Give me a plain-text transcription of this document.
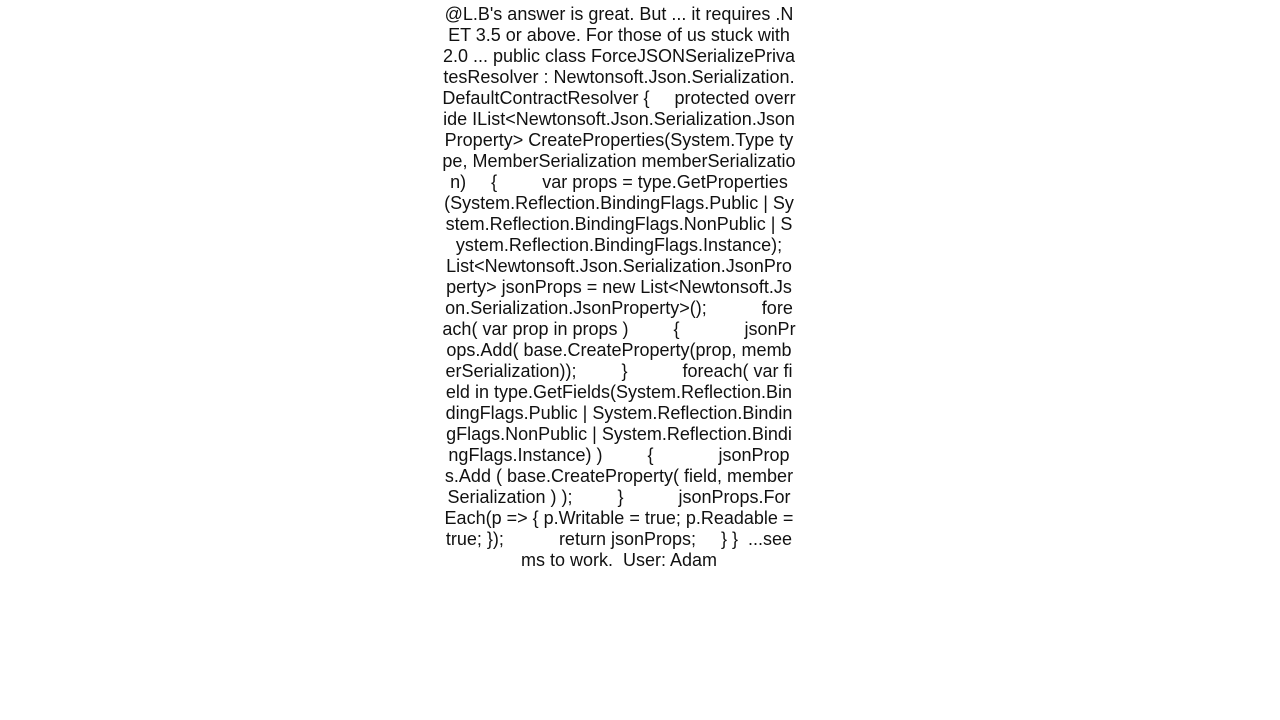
@L.B's answer is great. But ... it requires .NET 3.5 or above. For those of us stuck with 2.0 ... public class ForceJSONSerializePrivatesResolver : Newtonsoft.Json.Serialization.DefaultContractResolver {     protected override IList<Newtonsoft.Json.Serialization.JsonProperty> CreateProperties(System.Type type, MemberSerialization memberSerialization)     {         var props = type.GetProperties(System.Reflection.BindingFlags.Public | System.Reflection.BindingFlags.NonPublic | System.Reflection.BindingFlags.Instance);           List<Newtonsoft.Json.Serialization.JsonProperty> jsonProps = new List<Newtonsoft.Json.Serialization.JsonProperty>();           foreach( var prop in props )         {             jsonProps.Add( base.CreateProperty(prop, memberSerialization));         }           foreach( var field in type.GetFields(System.Reflection.BindingFlags.Public | System.Reflection.BindingFlags.NonPublic | System.Reflection.BindingFlags.Instance) )         {             jsonProps.Add ( base.CreateProperty( field, memberSerialization ) );         }           jsonProps.ForEach(p => { p.Writable = true; p.Readable = true; });           return jsonProps;     } }  ...seems to work.  User: Adam
